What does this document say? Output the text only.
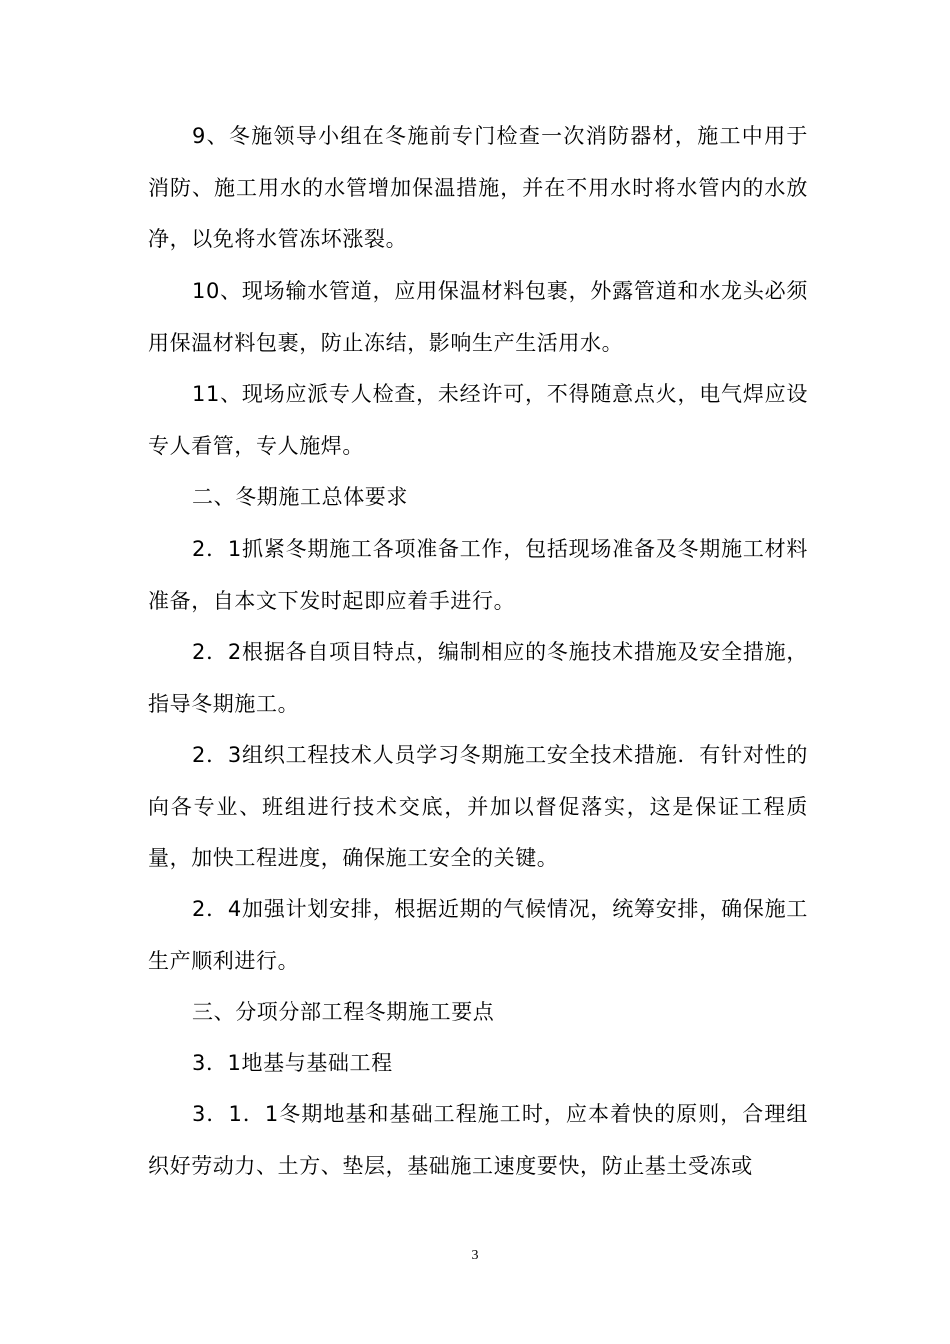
9、冬施领导小组在冬施前专门检查一次消防器材，施工中用于消防、施工用水的水管增加保温措施，并在不用水时将水管内的水放净，以免将水管冻坏涨裂。

10、现场输水管道，应用保温材料包裹，外露管道和水龙头必须用保温材料包裹，防止冻结，影响生产生活用水。

11、现场应派专人检查，未经许可，不得随意点火，电气焊应设专人看管，专人施焊。

二、冬期施工总体要求

2．1抓紧冬期施工各项准备工作，包括现场准备及冬期施工材料准备，自本文下发时起即应着手进行。

2．2根据各自项目特点，编制相应的冬施技术措施及安全措施，指导冬期施工。

2．3组织工程技术人员学习冬期施工安全技术措施．有针对性的向各专业、班组进行技术交底，并加以督促落实，这是保证工程质量，加快工程进度，确保施工安全的关键。

2．4加强计划安排，根据近期的气候情况，统筹安排，确保施工生产顺利进行。

三、分项分部工程冬期施工要点

3．1地基与基础工程

3．1．1冬期地基和基础工程施工时，应本着快的原则，合理组织好劳动力、土方、垫层，基础施工速度要快，防止基土受冻或

3
